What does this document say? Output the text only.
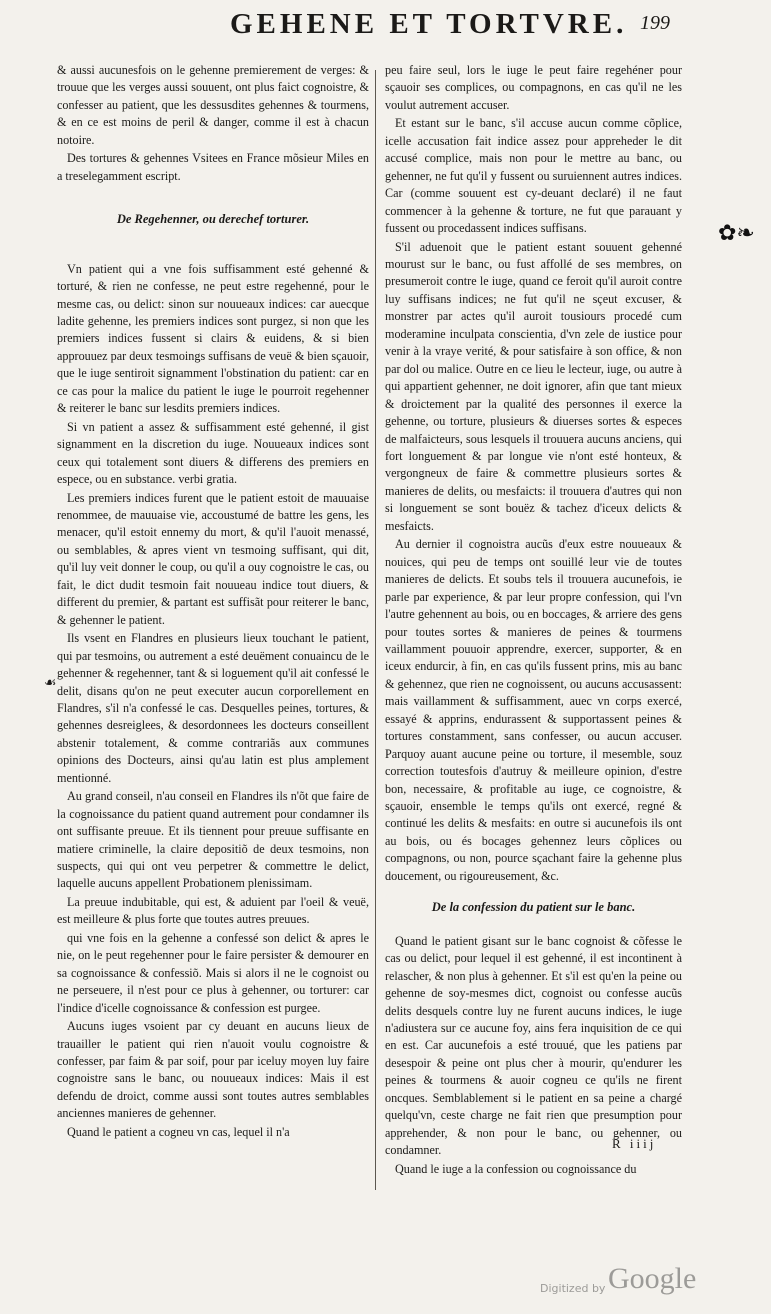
GEHENE ET TORTVRE. 199

& aussi aucunesfois on le gehenne premierement de verges: & trouue que les verges aussi souuent, ont plus faict cognoistre, & confesser au patient, que les dessusdites gehennes & tourmens, & en ce est moins de peril & danger, comme il est à chacun notoire.

Des tortures & gehennes Vsitees en France mõsieur Miles en a treselegamment escript.

De Regehenner, ou derechef torturer.

Vn patient qui a vne fois suffisamment esté gehenné & torturé, & rien ne confesse, ne peut estre regehenné, pour le mesme cas, ou delict: sinon sur nouueaux indices: car auecque ladite gehenne, les premiers indices sont purgez, si non que les premiers indices fussent si clairs & euidens, & si bien approuuez par deux tesmoings suffisans de veuë & bien sçauoir, que le iuge sentiroit signamment l'obstination du patient: car en ce cas pour la malice du patient le iuge le pourroit regehenner & reiterer le banc sur lesdits premiers indices.

Si vn patient a assez & suffisamment esté gehenné, il gist signamment en la discretion du iuge. Nouueaux indices sont ceux qui totalement sont diuers & differens des premiers en espece, ou en substance. verbi gratia.

Les premiers indices furent que le patient estoit de mauuaise renommee, de mauuaise vie, accoustumé de battre les gens, les menacer, qu'il estoit ennemy du mort, & qu'il l'auoit menassé, ou semblables, & apres vient vn tesmoing suffisant, qui dit, qu'il luy veit donner le coup, ou qu'il a ouy cognoistre le cas, ou fait, le dict dudit tesmoin fait nouueau indice tout diuers, & different du premier, & partant est suffisãt pour reiterer le banc, & gehenner le patient.

Ils vsent en Flandres en plusieurs lieux touchant le patient, qui par tesmoins, ou autrement a esté deuëment conuaincu de le gehenner & regehenner, tant & si loguement qu'il ait confessé le delit, disans qu'on ne peut executer aucun corporellement en Flandres, s'il n'a confessé le cas. Desquelles peines, tortures, & gehennes desreiglees, & desordonnees les docteurs conseillent abstenir totalement, & comme contrariãs aux communes opinions des Docteurs, ainsi qu'au latin est plus amplement mentionné.

Au grand conseil, n'au conseil en Flandres ils n'õt que faire de la cognoissance du patient quand autrement pour condamner ils ont suffisante preuue. Et ils tiennent pour preuue suffisante en matiere criminelle, la claire depositiõ de deux tesmoins, non suspects, qui qui ont veu perpetrer & commettre le delict, laquelle aucuns appellent Probationem plenissimam.

La preuue indubitable, qui est, & aduient par l'oeil & veuë, est meilleure & plus forte que toutes autres preuues.

qui vne fois en la gehenne a confessé son delict & apres le nie, on le peut regehenner pour le faire persister & demourer en sa cognoissance & confessiõ. Mais si alors il ne le cognoist ou ne perseuere, il n'est pour ce plus à gehenner, ou torturer: car l'indice d'icelle cognoissance & confession est purgee.

Aucuns iuges vsoient par cy deuant en aucuns lieux de trauailler le patient qui rien n'auoit voulu cognoistre & confesser, par faim & par soif, pour par iceluy moyen luy faire cognoistre sans le banc, ou nouueaux indices: Mais il est defendu de droict, comme aussi sont toutes autres semblables anciennes manieres de gehenner.

Quand le patient a cogneu vn cas, lequel il n'a

peu faire seul, lors le iuge le peut faire regehéner pour sçauoir ses complices, ou compagnons, en cas qu'il ne les voulut autrement accuser.

Et estant sur le banc, s'il accuse aucun comme cõplice, icelle accusation fait indice assez pour appreheder le dit accusé complice, mais non pour le mettre au banc, ou gehenner, ne fut qu'il y fussent ou suruiennent autres indices. Car (comme souuent est cy-deuant declaré) il ne faut commencer à la gehenne & torture, ne fut que parauant y fussent ou procedassent indices suffisans.

S'il aduenoit que le patient estant souuent gehenné mourust sur le banc, ou fust affollé de ses membres, on presumeroit contre le iuge, quand ce feroit qu'il auroit contre luy suffisans indices; ne fut qu'il ne sçeut excuser, & monstrer par actes qu'il auroit tousiours procedé cum moderamine inculpata conscientia, d'vn zele de iustice pour venir à la vraye verité, & pour satisfaire à son office, & non par dol ou malice. Outre en ce lieu le lecteur, iuge, ou autre à qui appartient gehenner, ne doit ignorer, afin que tant mieux & droictement par la qualité des personnes il exerce la gehenne, ou torture, plusieurs & diuerses sortes & especes de malfaicteurs, sous lesquels il trouuera aucuns anciens, qui fort longuement & par longue vie n'ont esté honteux, & vergongneux de faire & commettre plusieurs sortes & manieres de delits, ou mesfaicts: il trouuera d'autres qui non si longuement se sont bouëz & tachez d'iceux delicts & mesfaicts.

Au dernier il cognoistra aucũs d'eux estre nouueaux & nouices, qui peu de temps ont souillé leur vie de toutes manieres de delicts. Et soubs tels il trouuera aucunefois, ie parle par experience, & par leur propre confession, qui l'vn l'autre gehennent au bois, ou en boccages, & arriere des gens pour toutes sortes & manieres de peines & tourmens vaillamment pouuoir apprendre, exercer, supporter, & en iceux endurcir, à fin, en cas qu'ils fussent prins, mis au banc & gehennez, que rien ne cognoissent, ou aucuns accusassent: mais vaillamment & suffisamment, auec vn corps exercé, essayé & apprins, endurassent & supportassent peines & tortures constamment, sans confesser, ou aucun accuser. Parquoy auant aucune peine ou torture, il mesemble, souz correction toutesfois d'autruy & meilleure opinion, d'estre bon, necessaire, & profitable au iuge, ce cognoistre, & sçauoir, ensemble le temps qu'ils ont exercé, regné & continué les delits & mesfaits: en outre si aucunefois ils ont au bois, ou és bocages gehennez leurs cõplices ou compagnons, ou non, pource sçachant faire la gehenne plus doucement, ou rigoureusement, &c.

De la confession du patient sur le banc.

Quand le patient gisant sur le banc cognoist & cõfesse le cas ou delict, pour lequel il est gehenné, il est incontinent à relascher, & non plus à gehenner. Et s'il est qu'en la peine ou gehenne de soy-mesmes dict, cognoist ou confesse aucũs delits desquels contre luy ne furent aucuns indices, le iuge n'adiustera sur ce aucune foy, ains fera inquisition de ce qui en est. Car aucunefois a esté trouué, que les patiens par desespoir & peine ont plus cher à mourir, qu'endurer les peines & tourmens & auoir cogneu ce qu'ils ne firent oncques. Semblablement si le patient en sa peine a chargé quelqu'vn, ceste charge ne fait rien que presumption pour apprehender, & non pour le banc, ou gehenner, ou condamner.

Quand le iuge a la confession ou cognoissance du

R iiij
✿❧
☙
Digitized by Google
